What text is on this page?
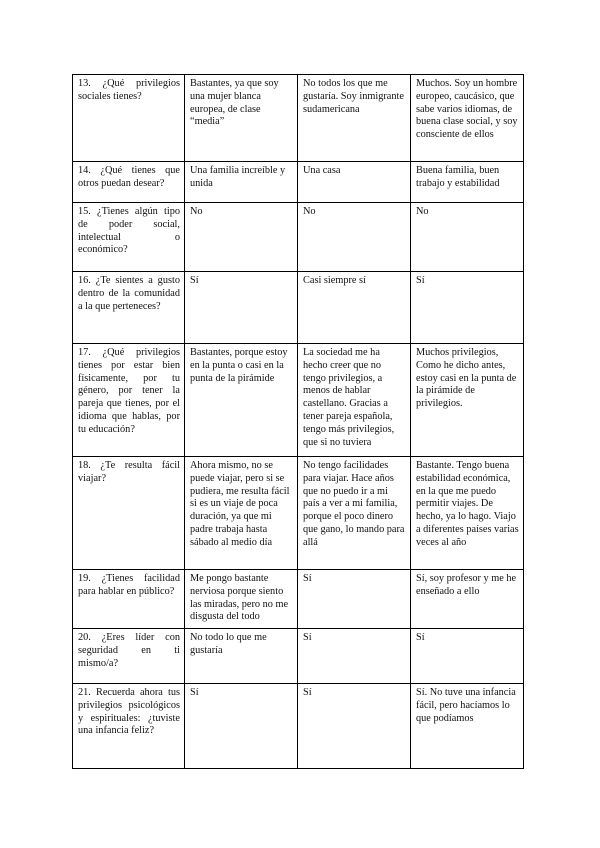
13. ¿Qué privilegios sociales tienes?	Bastantes, ya que soy una mujer blanca europea, de clase “media”	No todos los que me gustaría. Soy inmigrante sudamericana	Muchos. Soy un hombre europeo, caucásico, que sabe varios idiomas, de buena clase social, y soy consciente de ellos
14. ¿Qué tienes que otros puedan desear?	Una familia increíble y unida	Una casa	Buena familia, buen trabajo y estabilidad
15. ¿Tienes algún tipo de poder social, intelectual o económico?	No	No	No
16. ¿Te sientes a gusto dentro de la comunidad a la que perteneces?	Sí	Casi siempre sí	Sí
17. ¿Qué privilegios tienes por estar bien físicamente, por tu género, por tener la pareja que tienes, por el idioma que hablas, por tu educación?	Bastantes, porque estoy en la punta o casi en la punta de la pirámide	La sociedad me ha hecho creer que no tengo privilegios, a menos de hablar castellano. Gracias a tener pareja española, tengo más privilegios, que si no tuviera	Muchos privilegios, Como he dicho antes, estoy casi en la punta de la pirámide de privilegios.
18. ¿Te resulta fácil viajar?	Ahora mismo, no se puede viajar, pero si se pudiera, me resulta fácil si es un viaje de poca duración, ya que mi padre trabaja hasta sábado al medio día	No tengo facilidades para viajar. Hace años que no puedo ir a mi país a ver a mi familia, porque el poco dinero que gano, lo mando para allá	Bastante. Tengo buena estabilidad económica, en la que me puedo permitir viajes. De hecho, ya lo hago. Viajo a diferentes países varias veces al año
19. ¿Tienes facilidad para hablar en público?	Me pongo bastante nerviosa porque siento las miradas, pero no me disgusta del todo	Sí	Sí, soy profesor y me he enseñado a ello
20. ¿Eres líder con seguridad en ti mismo/a?	No todo lo que me gustaría	Sí	Sí
21. Recuerda ahora tus privilegios psicológicos y espirituales: ¿tuviste una infancia feliz?	Sí	Sí	Sí. No tuve una infancia fácil, pero hacíamos lo que podíamos
